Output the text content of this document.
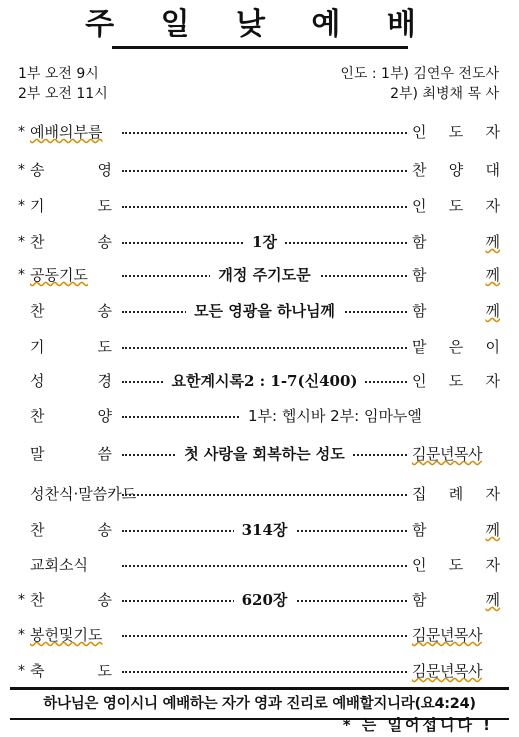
주 일 낮 예 배
1부 오전 9시
2부 오전 11시
인도 : 1부) 김연우 전도사
2부) 최병채 목 사
* 예배의부름	인 도 자
* 송	영	찬 양 대
* 기	도	인 도 자
* 찬	송	1장	함	께
* 공동기도	개정 주기도문	함	께
찬	송	모든 영광을 하나님께	함	께
기	도	맡 은 이
성	경	요한계시록2 : 1-7(신400)	인 도 자
찬	양	1부: 헵시바 2부: 임마누엘
말	씀	첫 사랑을 회복하는 성도	김문년목사
성찬식·말씀카드	집 례 자
찬	송	314장	함	께
교회소식	인 도 자
* 찬	송	620장	함	께
* 봉헌및기도	김문년목사
* 축	도	김문년목사
하나님은 영이시니 예배하는 자가 영과 진리로 예배할지니라(요4:24)
* 는 일어섭니다 !
